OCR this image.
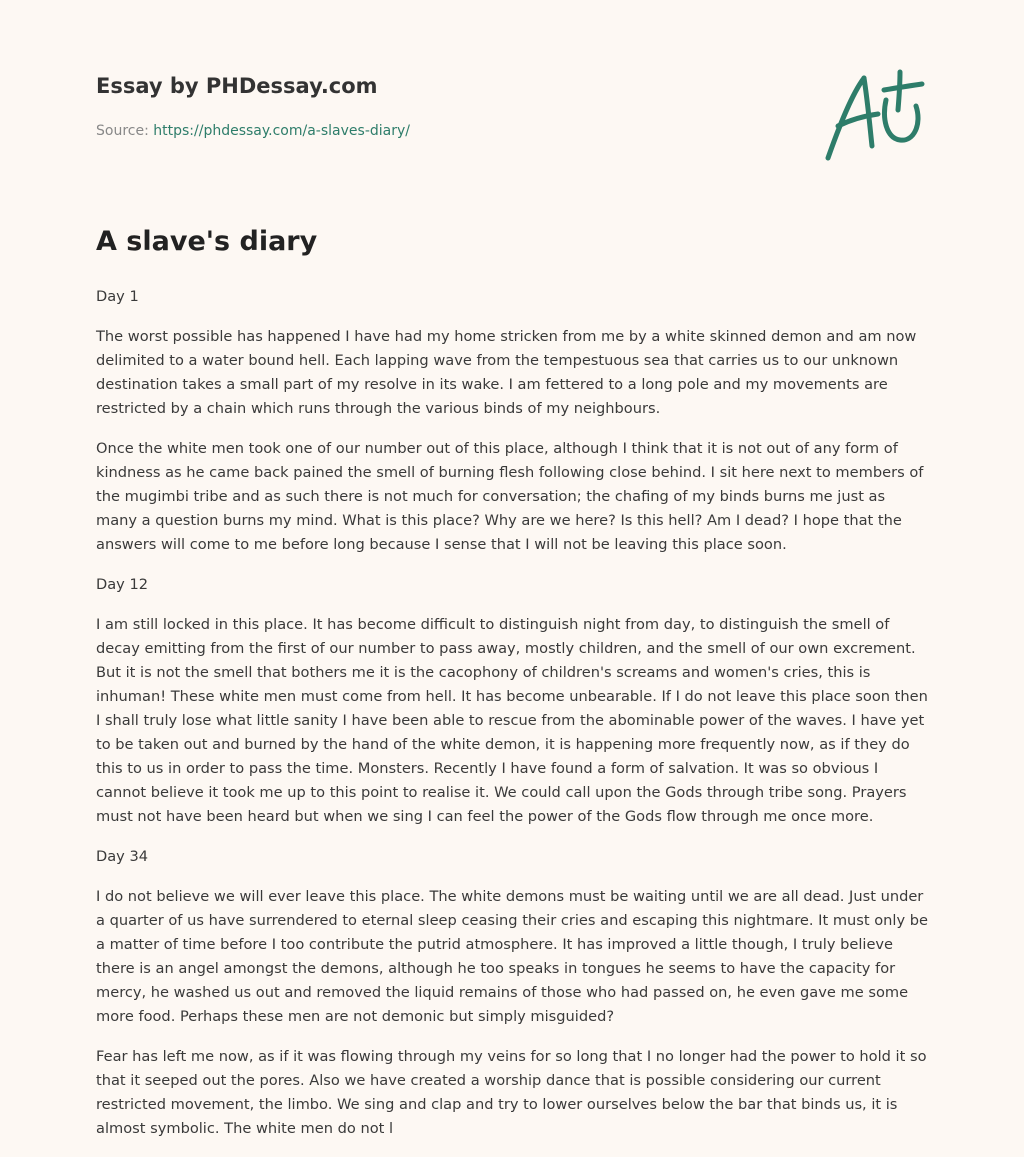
Essay by PHDessay.com
Source: https://phdessay.com/a-slaves-diary/
A slave's diary

Day 1

The worst possible has happened I have had my home stricken from me by a white skinned demon and am now delimited to a water bound hell. Each lapping wave from the tempestuous sea that carries us to our unknown destination takes a small part of my resolve in its wake. I am fettered to a long pole and my movements are restricted by a chain which runs through the various binds of my neighbours.

Once the white men took one of our number out of this place, although I think that it is not out of any form of kindness as he came back pained the smell of burning flesh following close behind. I sit here next to members of the mugimbi tribe and as such there is not much for conversation; the chafing of my binds burns me just as many a question burns my mind. What is this place? Why are we here? Is this hell? Am I dead? I hope that the answers will come to me before long because I sense that I will not be leaving this place soon.

Day 12

I am still locked in this place. It has become difficult to distinguish night from day, to distinguish the smell of decay emitting from the first of our number to pass away, mostly children, and the smell of our own excrement. But it is not the smell that bothers me it is the cacophony of children's screams and women's cries, this is inhuman! These white men must come from hell. It has become unbearable. If I do not leave this place soon then I shall truly lose what little sanity I have been able to rescue from the abominable power of the waves. I have yet to be taken out and burned by the hand of the white demon, it is happening more frequently now, as if they do this to us in order to pass the time. Monsters. Recently I have found a form of salvation. It was so obvious I cannot believe it took me up to this point to realise it. We could call upon the Gods through tribe song. Prayers must not have been heard but when we sing I can feel the power of the Gods flow through me once more.

Day 34

I do not believe we will ever leave this place. The white demons must be waiting until we are all dead. Just under a quarter of us have surrendered to eternal sleep ceasing their cries and escaping this nightmare. It must only be a matter of time before I too contribute the putrid atmosphere. It has improved a little though, I truly believe there is an angel amongst the demons, although he too speaks in tongues he seems to have the capacity for mercy, he washed us out and removed the liquid remains of those who had passed on, he even gave me some more food. Perhaps these men are not demonic but simply misguided?

Fear has left me now, as if it was flowing through my veins for so long that I no longer had the power to hold it so that it seeped out the pores. Also we have created a worship dance that is possible considering our current restricted movement, the limbo. We sing and clap and try to lower ourselves below the bar that binds us, it is almost symbolic. The white men do not l
